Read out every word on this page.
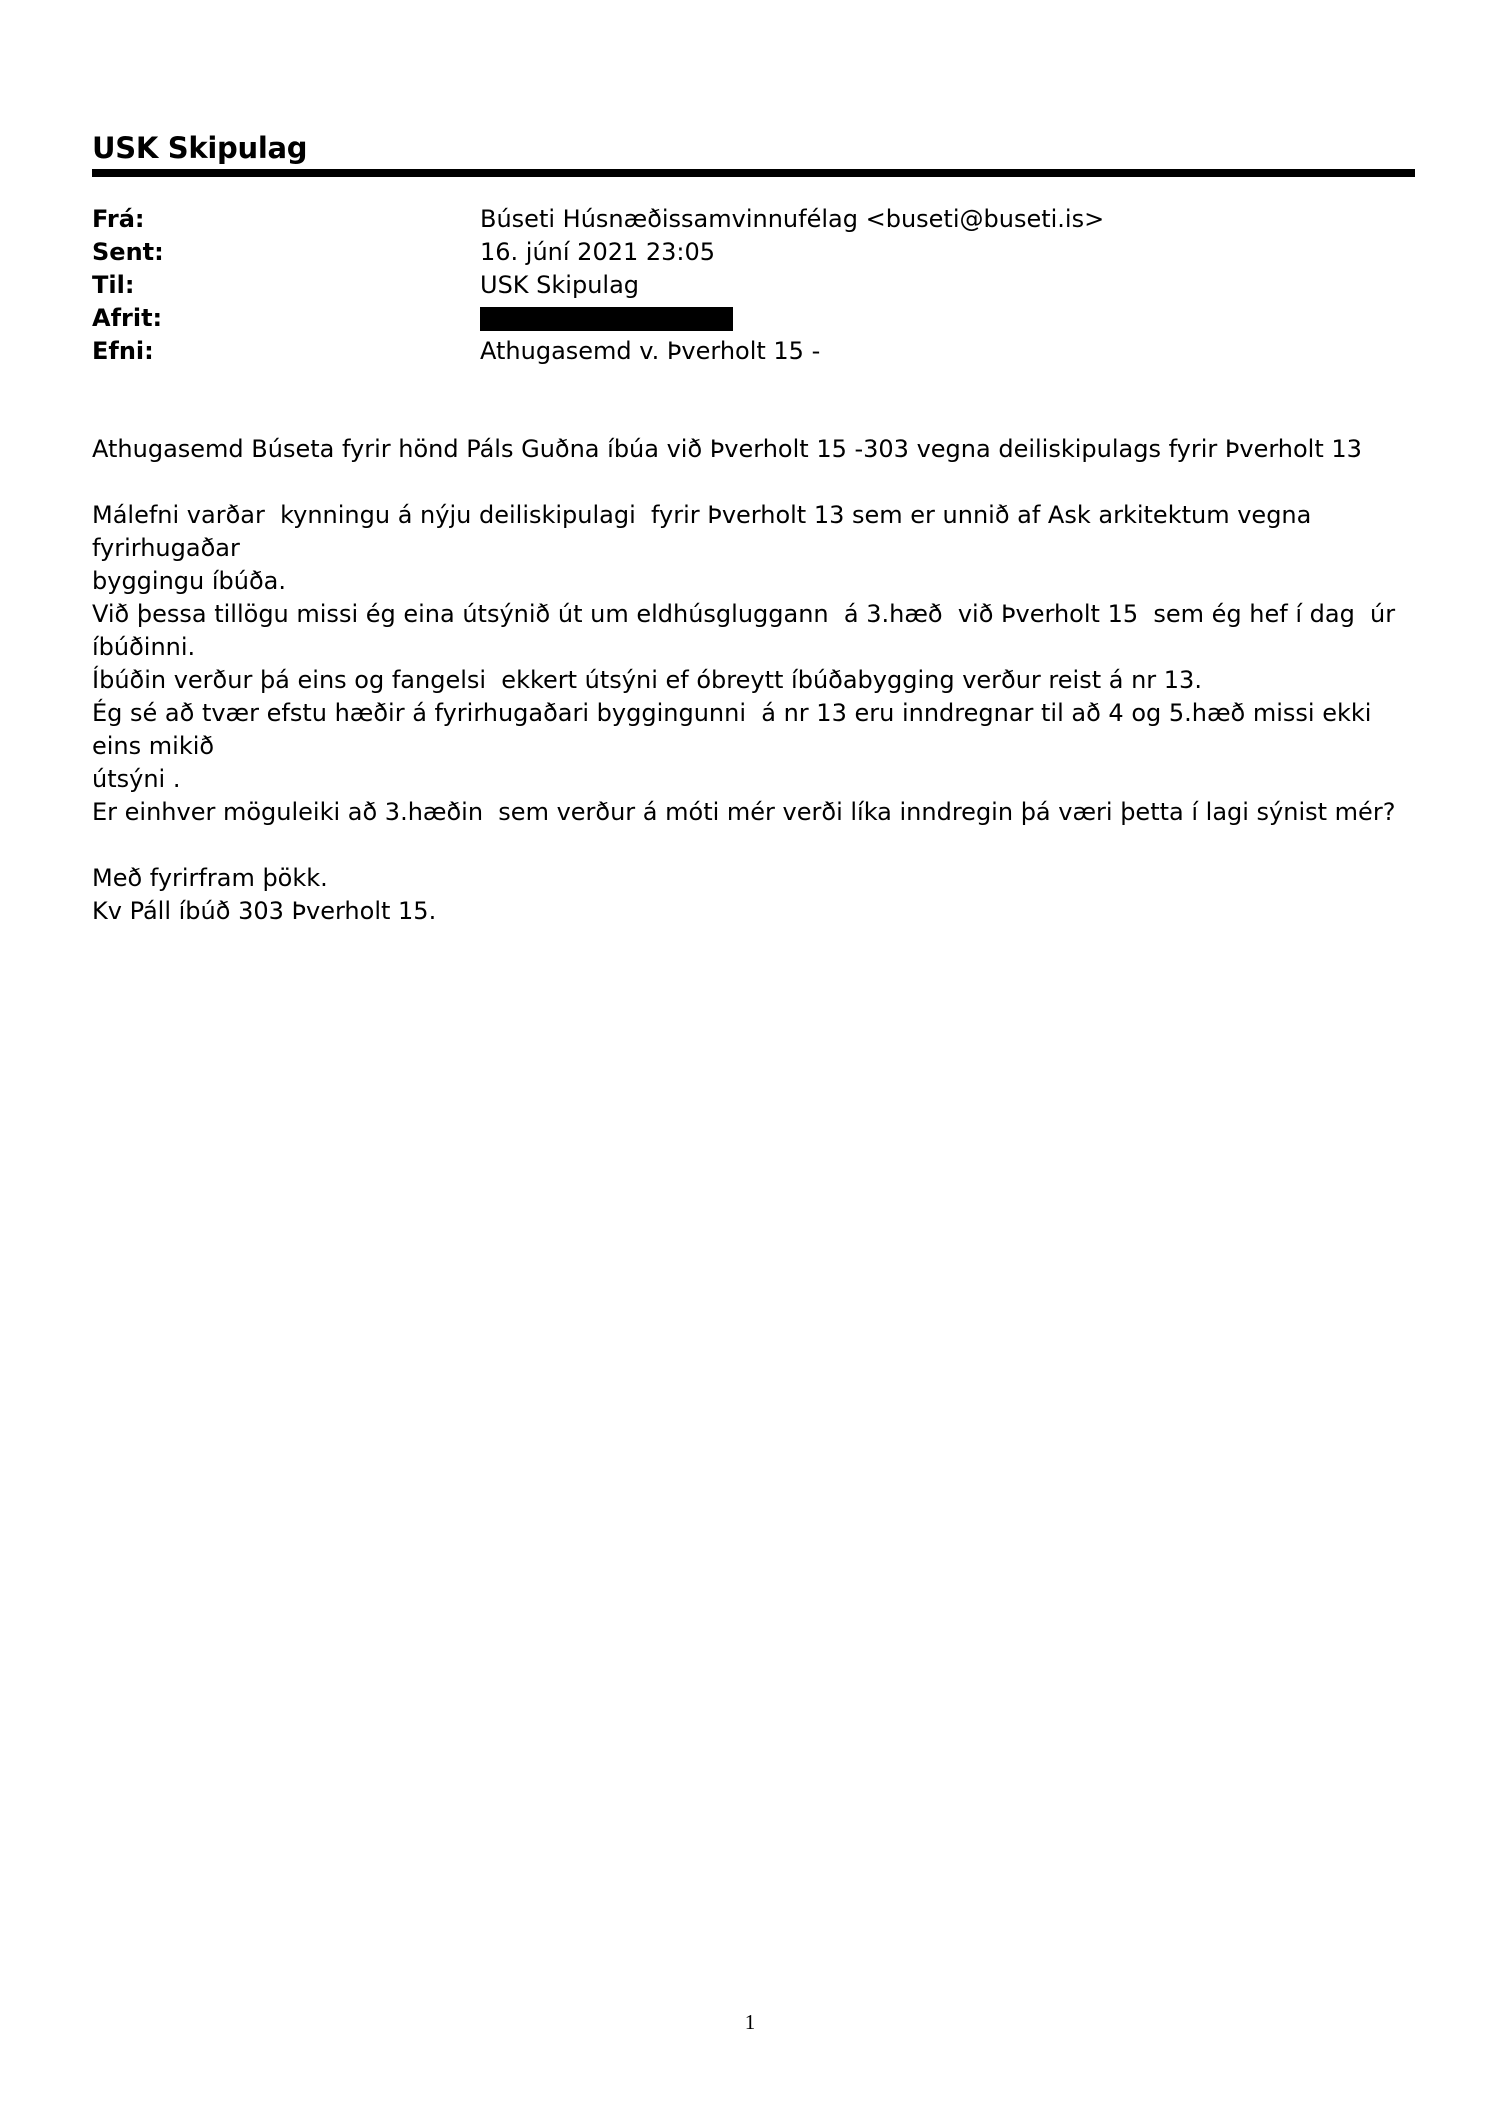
USK Skipulag
Frá:	Búseti Húsnæðissamvinnufélag <buseti@buseti.is>
Sent:	16. júní 2021 23:05
Til:	USK Skipulag
Afrit:
Efni:	Athugasemd v. Þverholt 15 -

Athugasemd Búseta fyrir hönd Páls Guðna íbúa við Þverholt 15 -303 vegna deiliskipulags fyrir Þverholt 13

Málefni varðar  kynningu á nýju deiliskipulagi  fyrir Þverholt 13 sem er unnið af Ask arkitektum vegna fyrirhugaðar
byggingu íbúða.
Við þessa tillögu missi ég eina útsýnið út um eldhúsgluggann  á 3.hæð  við Þverholt 15  sem ég hef í dag  úr íbúðinni.
Íbúðin verður þá eins og fangelsi  ekkert útsýni ef óbreytt íbúðabygging verður reist á nr 13.
Ég sé að tvær efstu hæðir á fyrirhugaðari byggingunni  á nr 13 eru inndregnar til að 4 og 5.hæð missi ekki eins mikið
útsýni .
Er einhver möguleiki að 3.hæðin  sem verður á móti mér verði líka inndregin þá væri þetta í lagi sýnist mér?

Með fyrirfram þökk.
Kv Páll íbúð 303 Þverholt 15.

1
